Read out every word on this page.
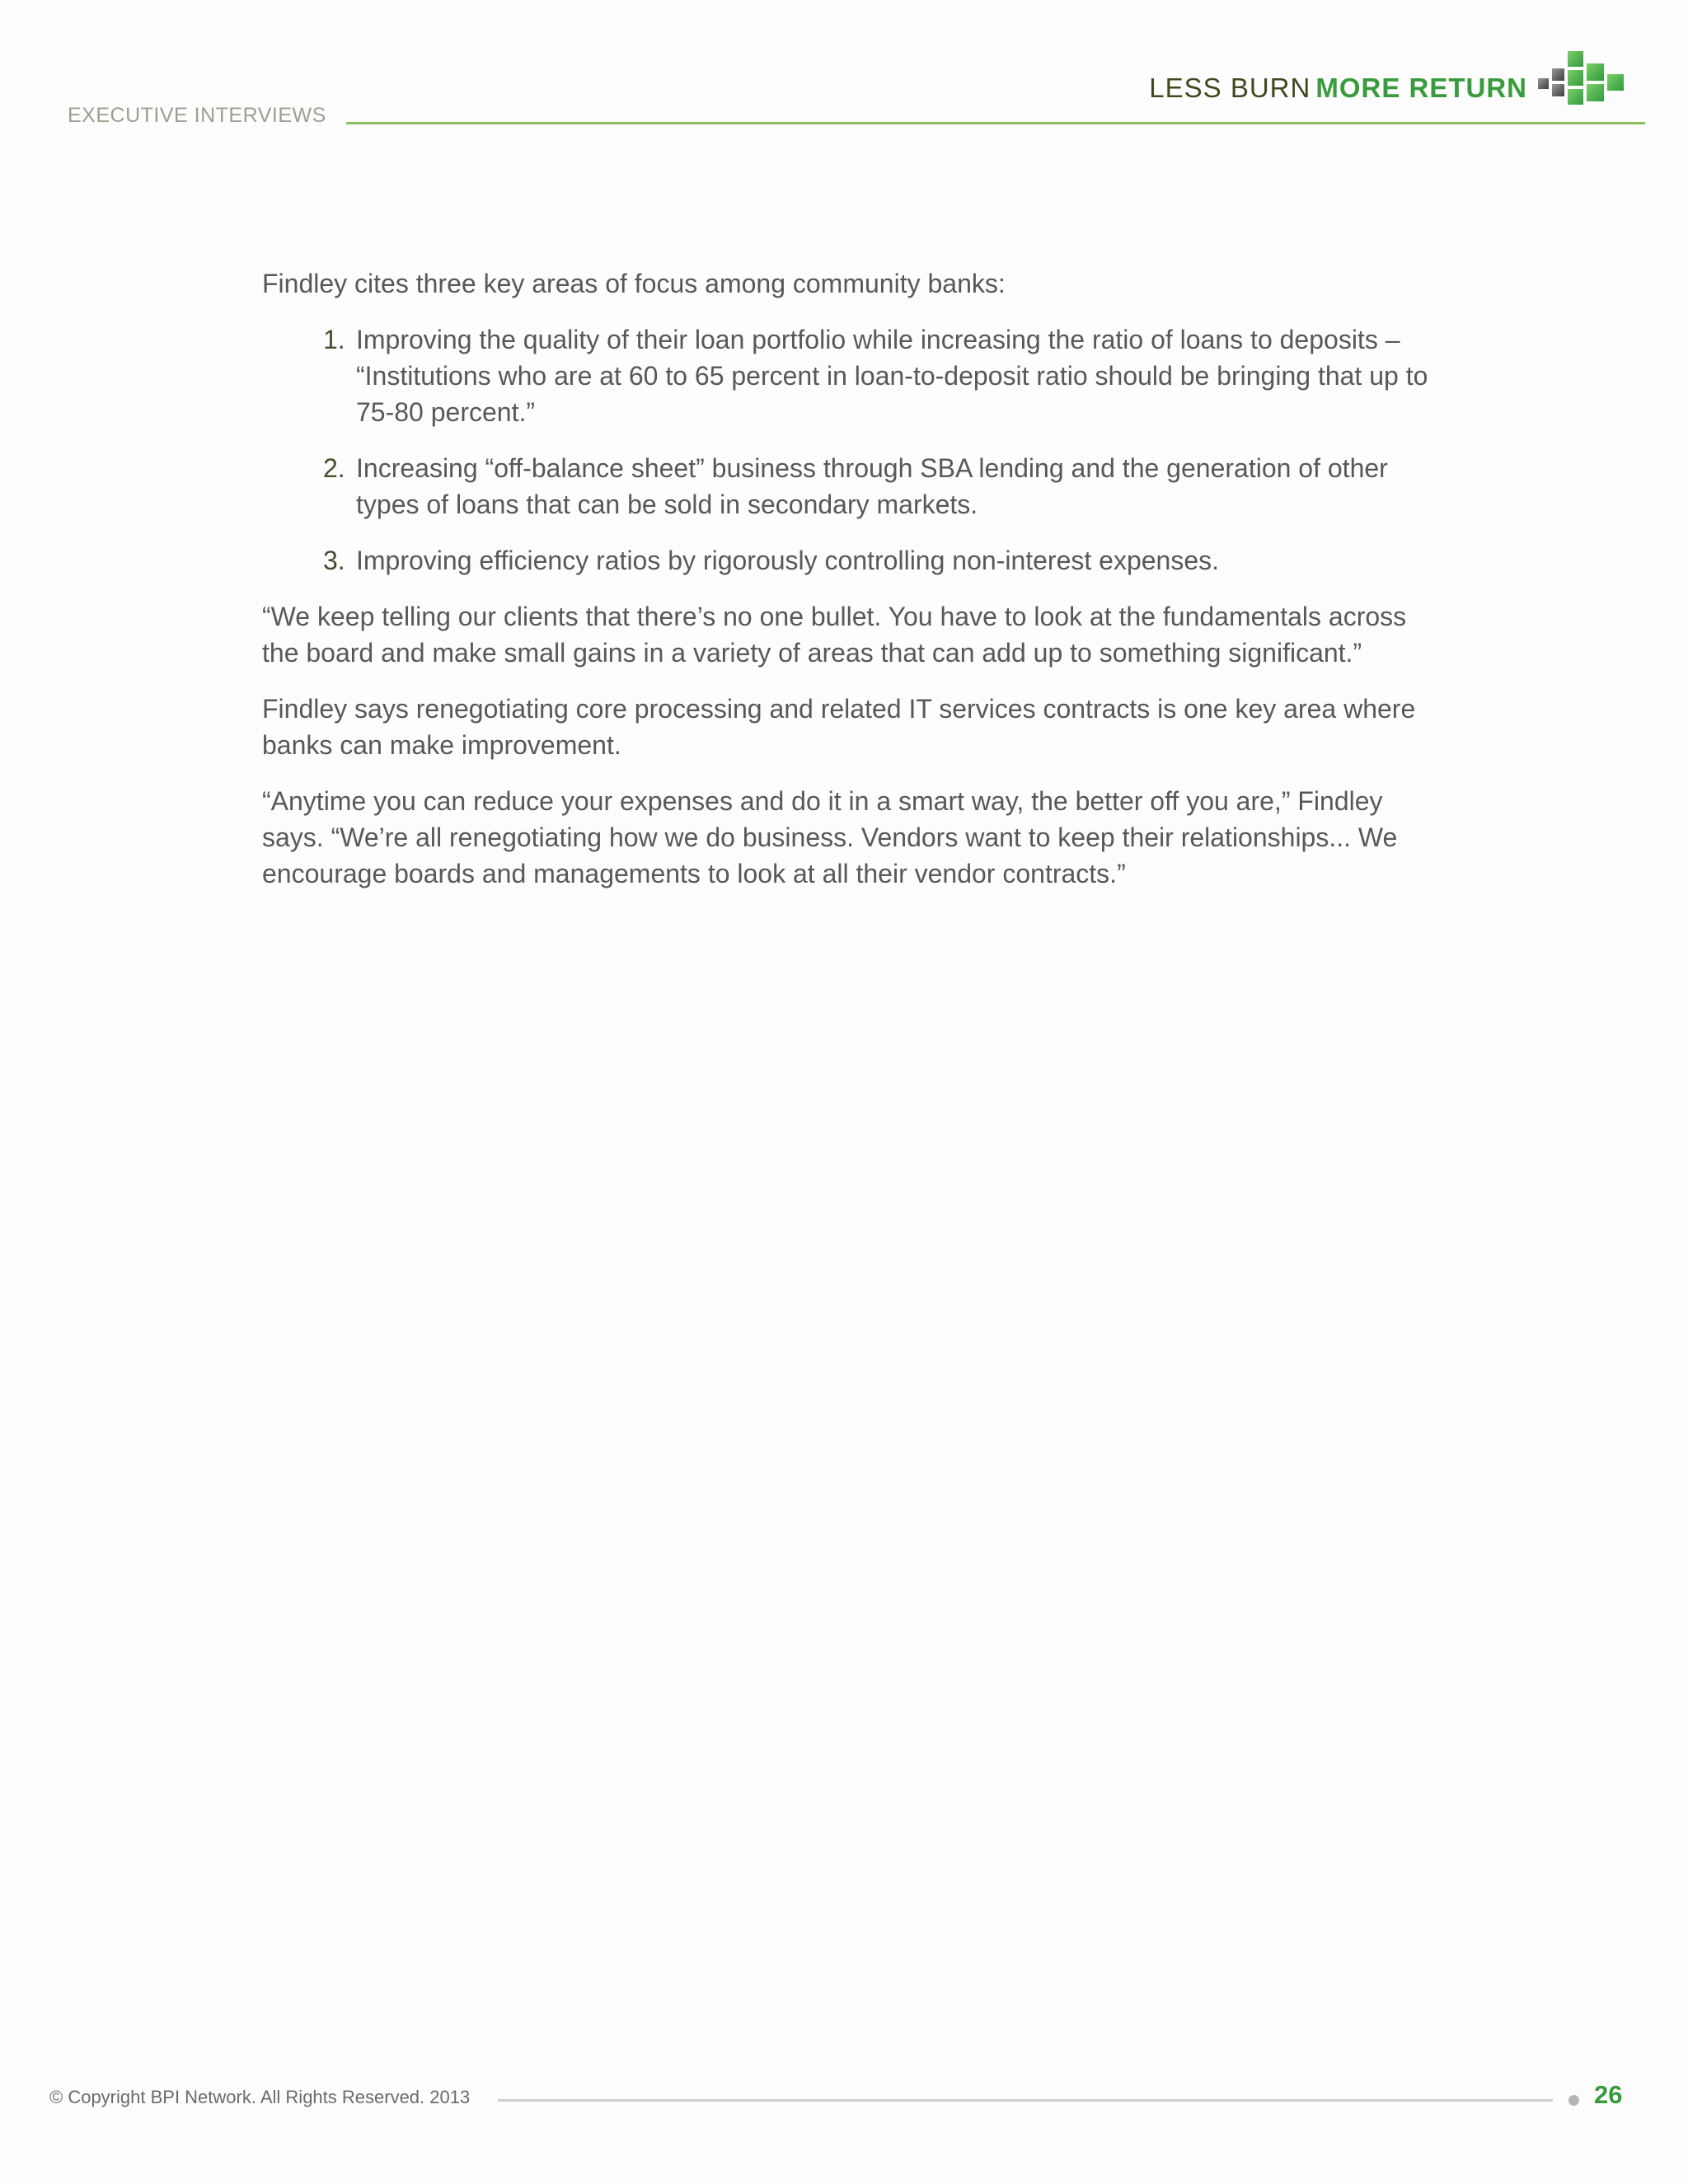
EXECUTIVE INTERVIEWS
LESS BURN MORE RETURN

Findley cites three key areas of focus among community banks:

1. Improving the quality of their loan portfolio while increasing the ratio of loans to deposits – “Institutions who are at 60 to 65 percent in loan-to-deposit ratio should be bringing that up to 75-80 percent.”
2. Increasing “off-balance sheet” business through SBA lending and the generation of other types of loans that can be sold in secondary markets.
3. Improving efficiency ratios by rigorously controlling non-interest expenses.

“We keep telling our clients that there’s no one bullet. You have to look at the fundamentals across the board and make small gains in a variety of areas that can add up to something significant.”

Findley says renegotiating core processing and related IT services contracts is one key area where banks can make improvement.

“Anytime you can reduce your expenses and do it in a smart way, the better off you are,” Findley says. “We’re all renegotiating how we do business. Vendors want to keep their relationships... We encourage boards and managements to look at all their vendor contracts.”

© Copyright BPI Network. All Rights Reserved. 2013	26
